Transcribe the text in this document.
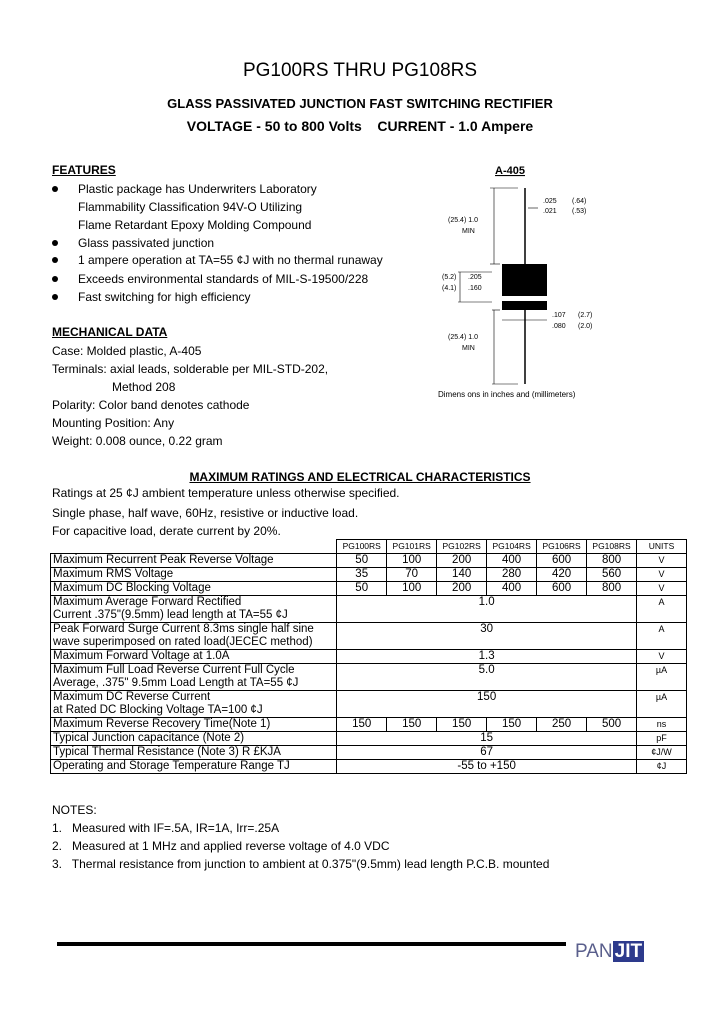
PG100RS THRU PG108RS
GLASS PASSIVATED JUNCTION FAST SWITCHING RECTIFIER
VOLTAGE - 50 to 800 Volts    CURRENT - 1.0 Ampere
FEATURES
Plastic package has Underwriters Laboratory
Flammability Classification 94V-O Utilizing
Flame Retardant Epoxy Molding Compound
Glass passivated junction
1 ampere operation at TA=55 ¢J with no thermal runaway
Exceeds environmental standards of MIL-S-19500/228
Fast switching for high efficiency
MECHANICAL DATA
Case: Molded plastic, A-405
Terminals: axial leads, solderable per MIL-STD-202,
Method 208
Polarity: Color band denotes cathode
Mounting Position: Any
Weight: 0.008 ounce, 0.22 gram
A-405
(25.4) 1.0
MIN
.025
.021
(.64)
(.53)
(5.2)
(4.1)
.205
.160
.107
.080
(2.7)
(2.0)
(25.4) 1.0
MIN
Dimens ons in inches and (millimeters)
MAXIMUM RATINGS AND ELECTRICAL CHARACTERISTICS
Ratings at 25 ¢J ambient temperature unless otherwise specified.
Single phase, half wave, 60Hz, resistive or inductive load.
For capacitive load, derate current by 20%.
	PG100RS	PG101RS	PG102RS	PG104RS	PG106RS	PG108RS	UNITS
Maximum Recurrent Peak Reverse Voltage	50	100	200	400	600	800	V
Maximum RMS Voltage	35	70	140	280	420	560	V
Maximum DC Blocking Voltage	50	100	200	400	600	800	V

Maximum Average Forward Rectified
Current .375"(9.5mm) lead length at TA=55 ¢J	1.0						A

Peak Forward Surge Current 8.3ms single half sine
wave superimposed on rated load(JECEC method)	30						A
Maximum Forward Voltage at 1.0A	1.3						V

Maximum Full Load Reverse Current Full Cycle
Average, .375" 9.5mm Load Length at TA=55 ¢J	5.0						µA

Maximum DC Reverse Current
at Rated DC Blocking Voltage TA=100 ¢J	150						µA
Maximum Reverse Recovery Time(Note 1)	150	150	150	150	250	500	ns
Typical Junction capacitance (Note 2)	15						pF
Typical Thermal Resistance (Note 3) R £KJA	67						¢J/W
Operating and Storage Temperature Range TJ	-55 to +150						¢J
NOTES:
1.   Measured with IF=.5A, IR=1A, Irr=.25A
2.   Measured at 1 MHz and applied reverse voltage of 4.0 VDC
3.   Thermal resistance from junction to ambient at 0.375"(9.5mm) lead length P.C.B. mounted
PAN JIT
